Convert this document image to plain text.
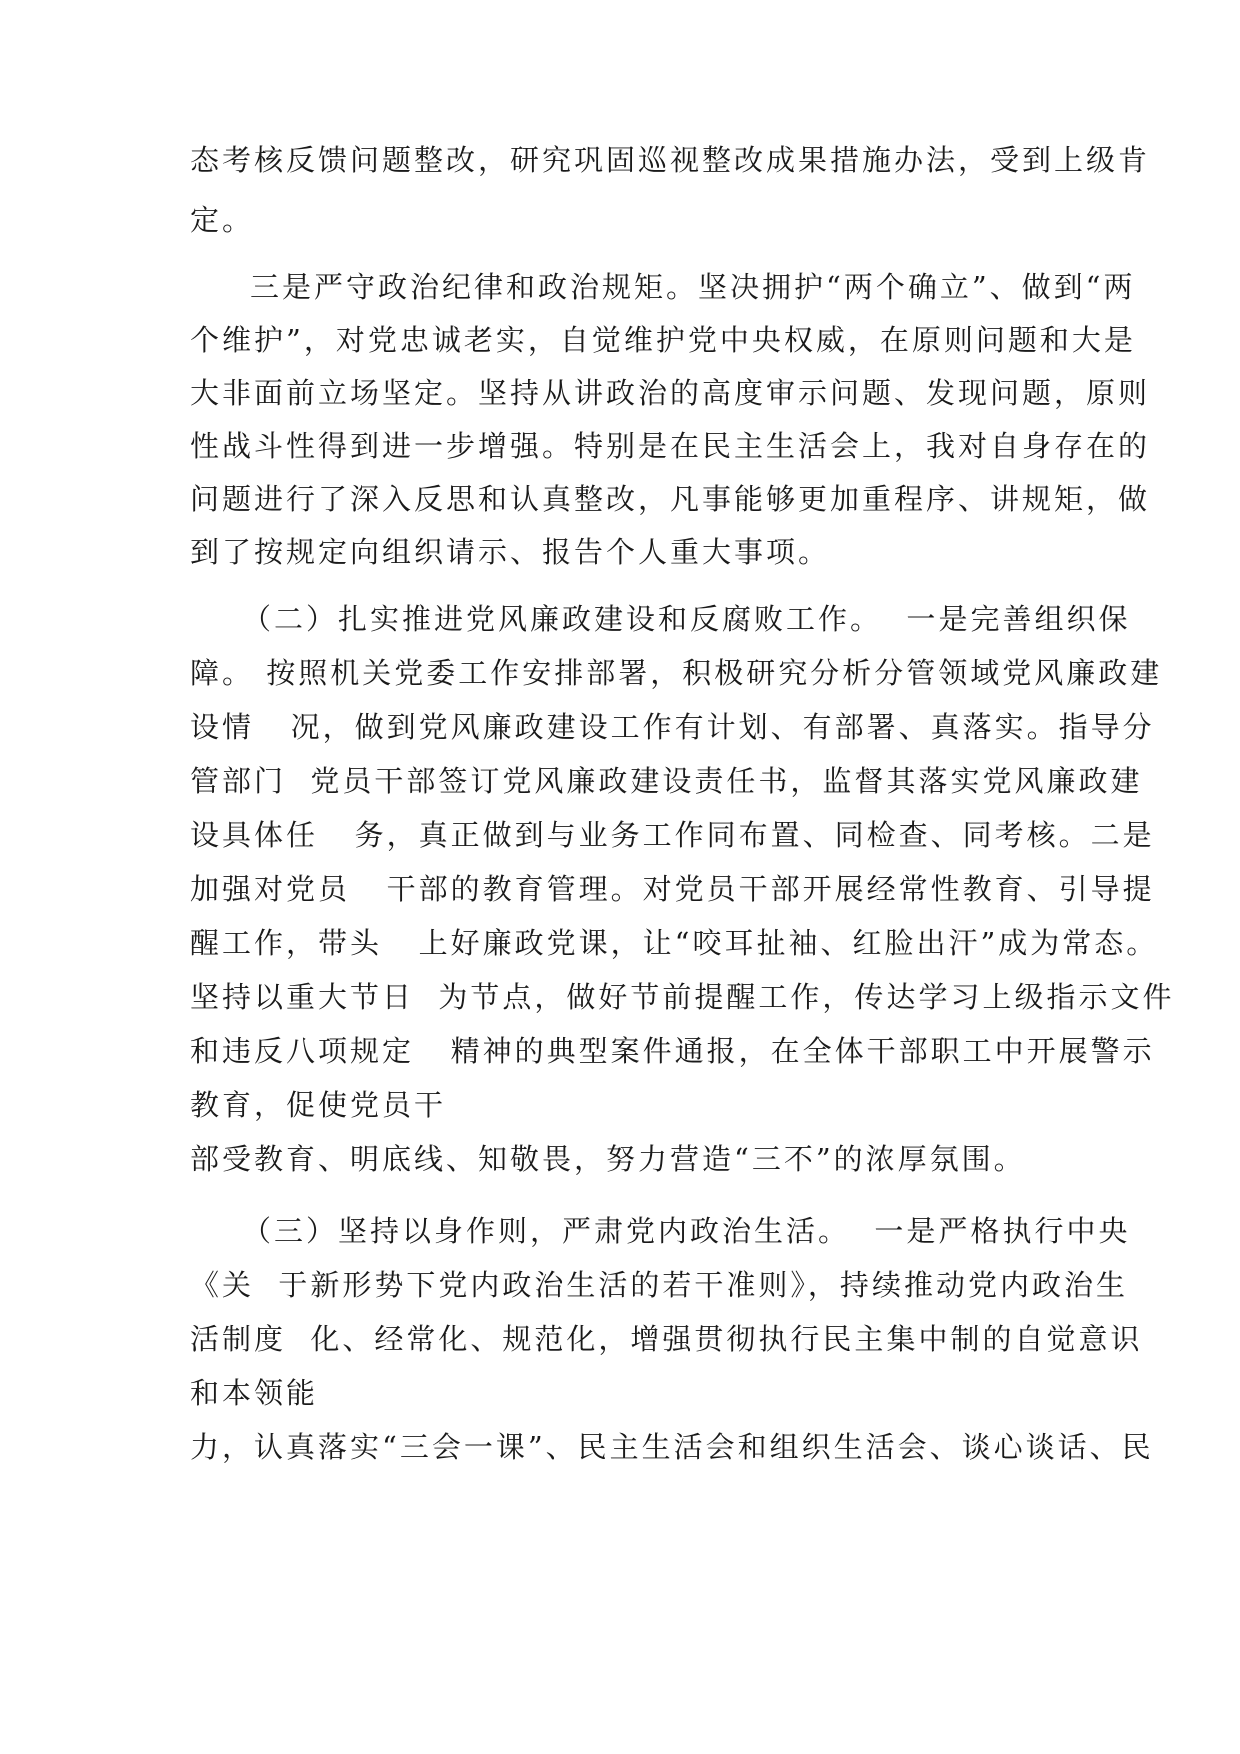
态考核反馈问题整改，研究巩固巡视整改成果措施办法，受到上级肯
定。
三是严守政治纪律和政治规矩。坚决拥护“两个确立”、做到“两
个维护”，对党忠诚老实，自觉维护党中央权威，在原则问题和大是
大非面前立场坚定。坚持从讲政治的高度审示问题、发现问题，原则
性战斗性得到进一步增强。特别是在民主生活会上，我对自身存在的
问题进行了深入反思和认真整改，凡事能够更加重程序、讲规矩，做
到了按规定向组织请示、报告个人重大事项。
（二）扎实推进党风廉政建设和反腐败工作。  一是完善组织保
障。 按照机关党委工作安排部署，积极研究分析分管领域党风廉政建
设情   况，做到党风廉政建设工作有计划、有部署、真落实。指导分
管部门  党员干部签订党风廉政建设责任书，监督其落实党风廉政建
设具体任   务，真正做到与业务工作同布置、同检查、同考核。二是
加强对党员   干部的教育管理。对党员干部开展经常性教育、引导提
醒工作，带头   上好廉政党课，让“咬耳扯袖、红脸出汗”成为常态。
坚持以重大节日  为节点，做好节前提醒工作，传达学习上级指示文件
和违反八项规定   精神的典型案件通报，在全体干部职工中开展警示
教育，促使党员干
部受教育、明底线、知敬畏，努力营造“三不”的浓厚氛围。
（三）坚持以身作则，严肃党内政治生活。  一是严格执行中央
《关  于新形势下党内政治生活的若干准则》，持续推动党内政治生
活制度  化、经常化、规范化，增强贯彻执行民主集中制的自觉意识
和本领能
力，认真落实“三会一课”、民主生活会和组织生活会、谈心谈话、民
